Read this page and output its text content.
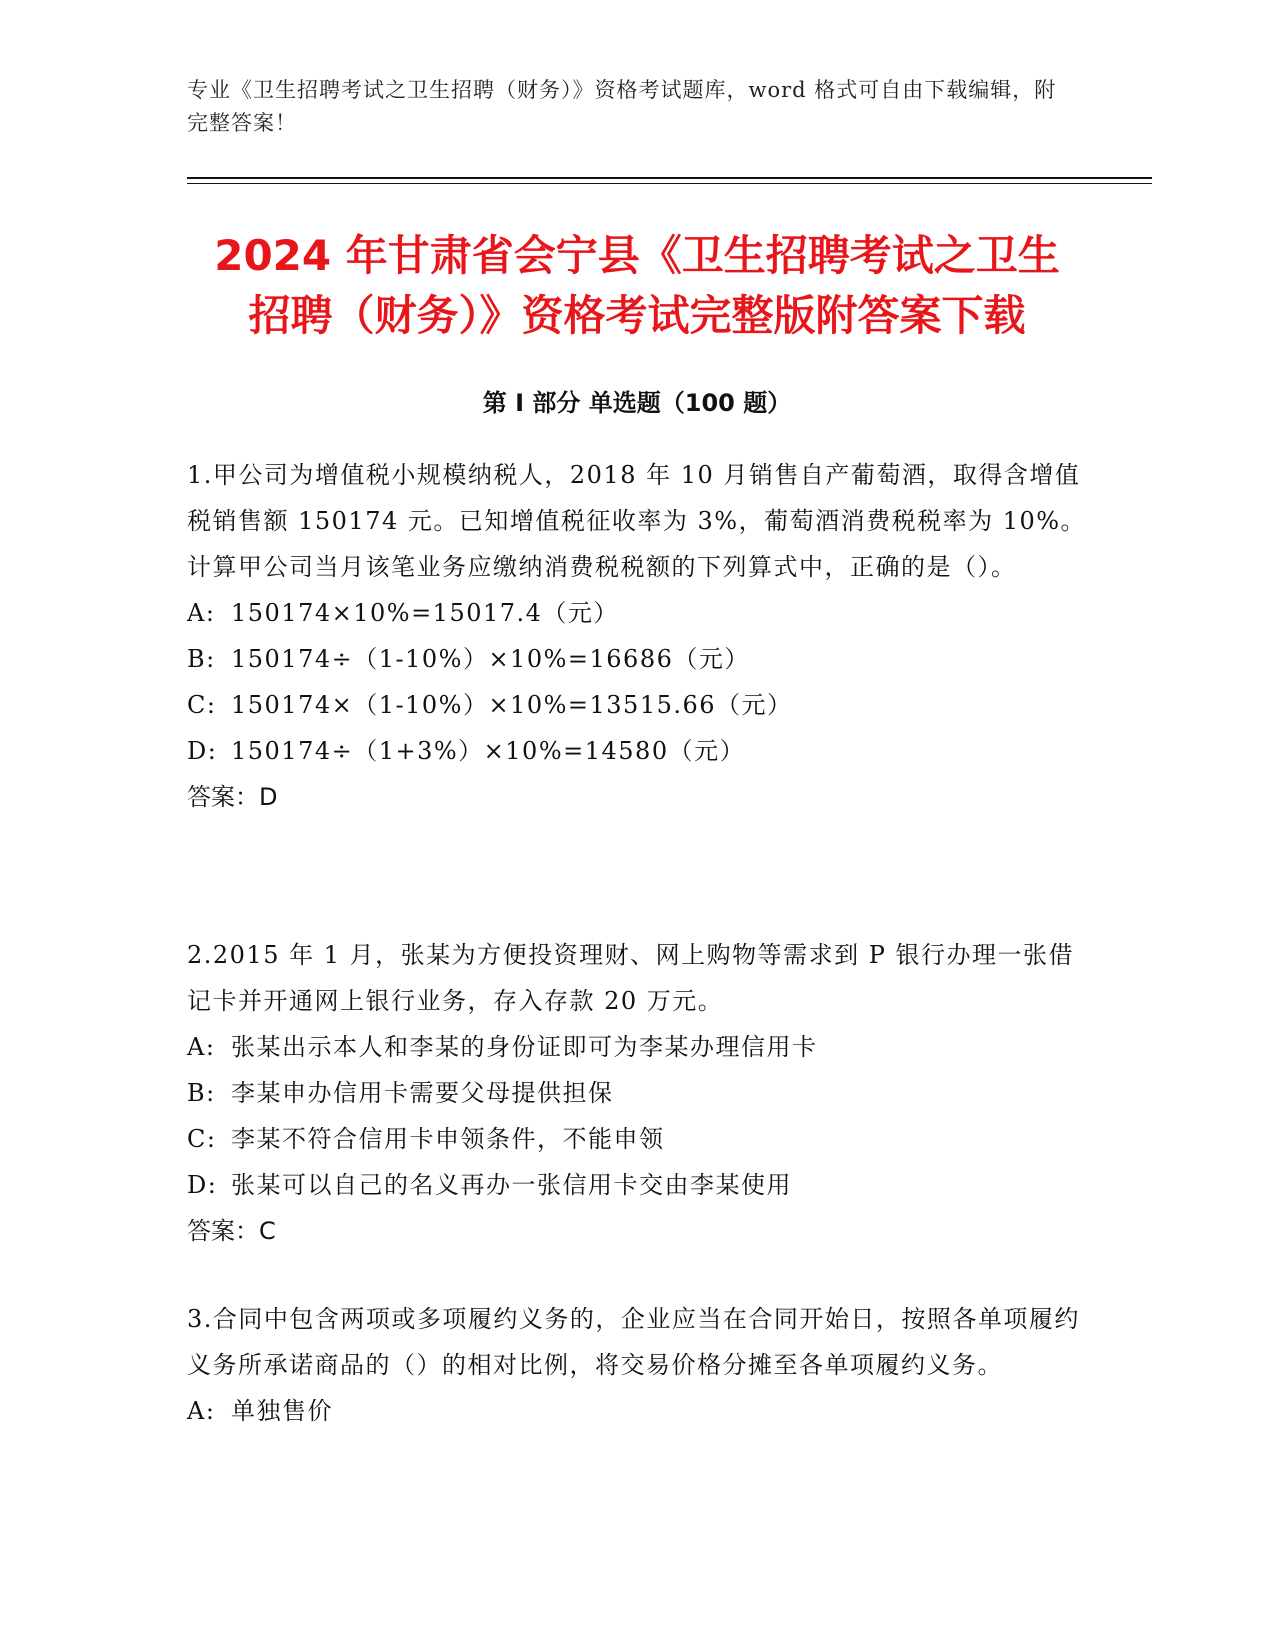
专业《卫生招聘考试之卫生招聘（财务）》资格考试题库，word 格式可自由下载编辑，附完整答案！
2024 年甘肃省会宁县《卫生招聘考试之卫生
招聘（财务）》资格考试完整版附答案下载
第 I 部分 单选题（100 题）

1.甲公司为增值税小规模纳税人，2018 年 10 月销售自产葡萄酒，取得含增值税销售额 150174 元。已知增值税征收率为 3%，葡萄酒消费税税率为 10%。计算甲公司当月该笔业务应缴纳消费税税额的下列算式中，正确的是（）。

A: 150174×10%=15017.4（元）

B: 150174÷（1-10%）×10%=16686（元）

C: 150174×（1-10%）×10%=13515.66（元）

D: 150174÷（1+3%）×10%=14580（元）

答案：D

2.2015 年 1 月，张某为方便投资理财、网上购物等需求到 P 银行办理一张借记卡并开通网上银行业务，存入存款 20 万元。

A: 张某出示本人和李某的身份证即可为李某办理信用卡

B: 李某申办信用卡需要父母提供担保

C: 李某不符合信用卡申领条件，不能申领

D: 张某可以自己的名义再办一张信用卡交由李某使用

答案：C

3.合同中包含两项或多项履约义务的，企业应当在合同开始日，按照各单项履约义务所承诺商品的（）的相对比例，将交易价格分摊至各单项履约义务。

A: 单独售价
